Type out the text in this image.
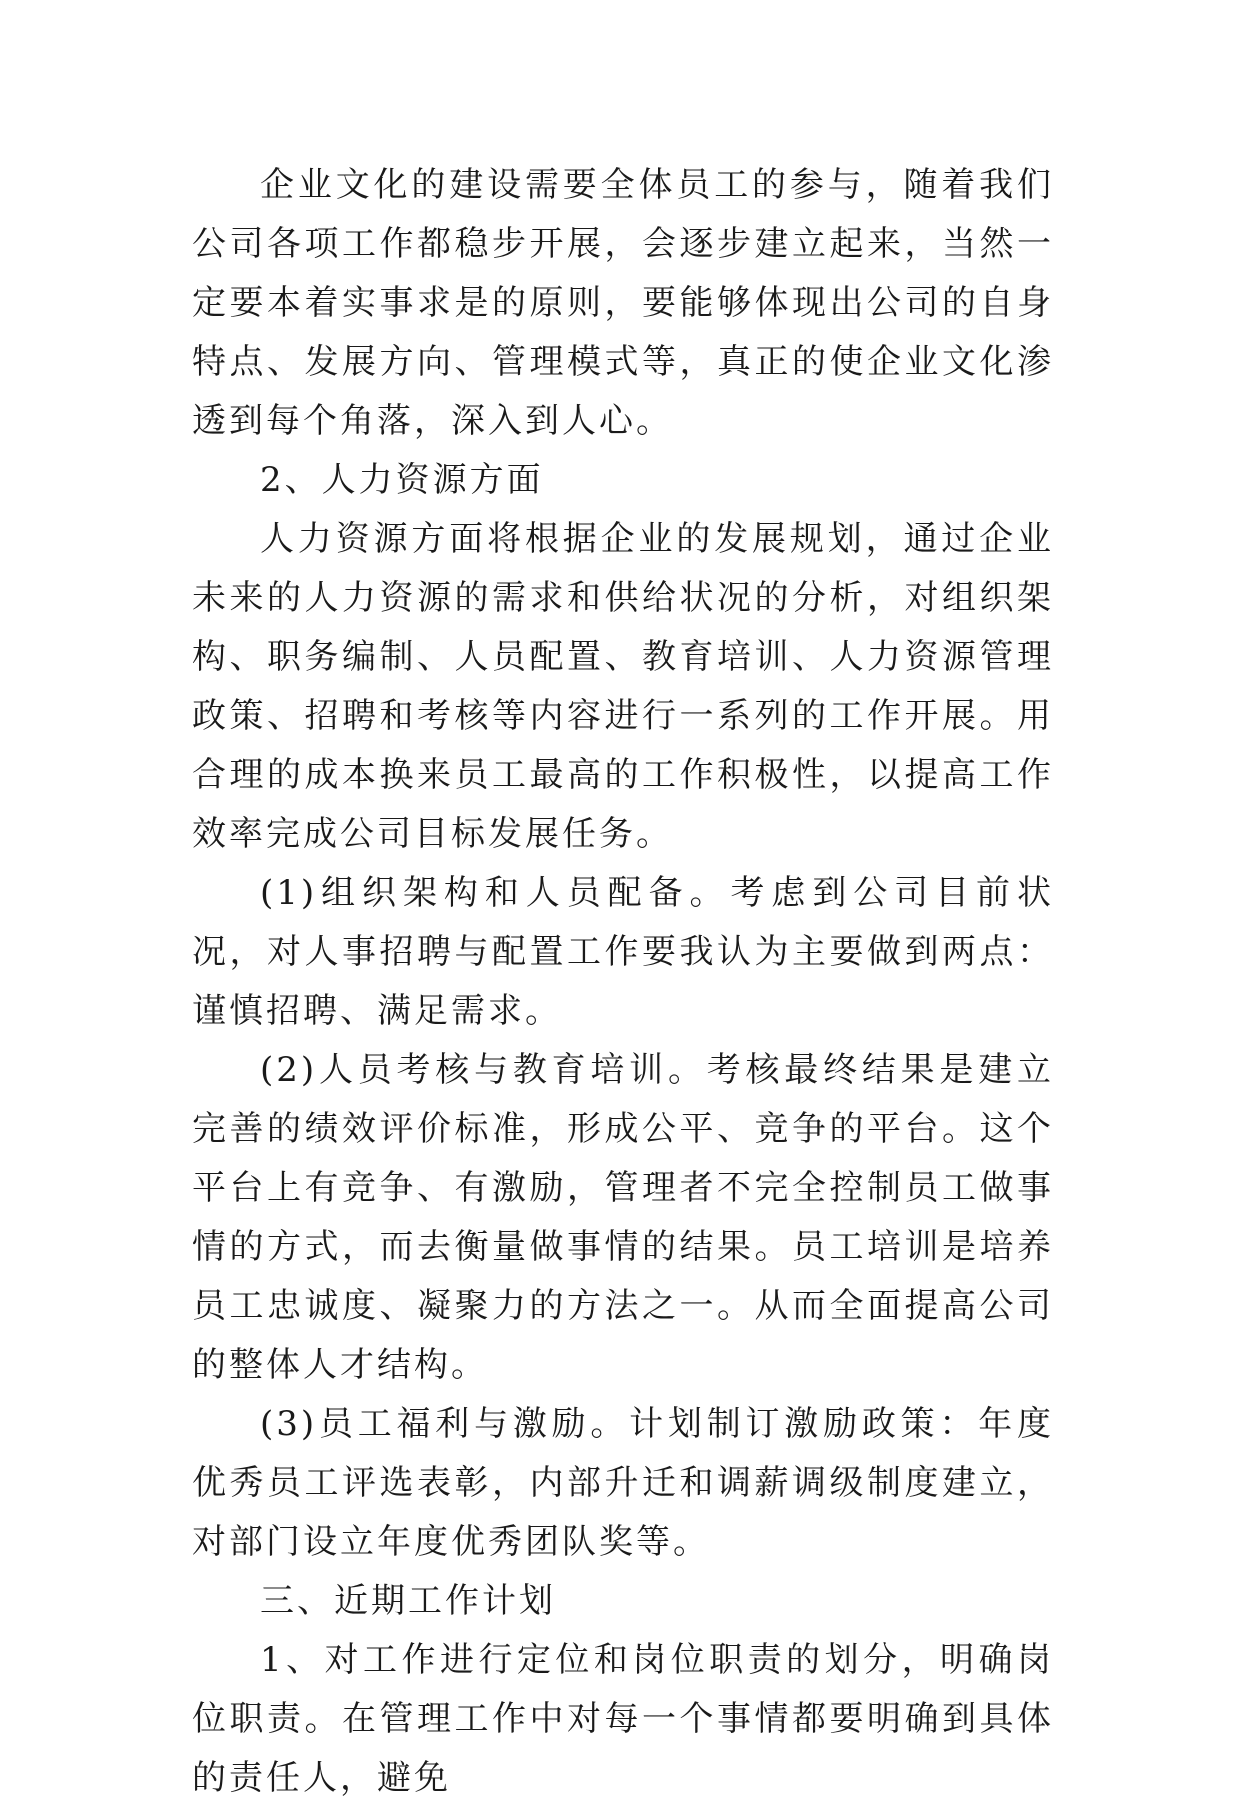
企业文化的建设需要全体员工的参与，随着我们公司各项工作都稳步开展，会逐步建立起来，当然一定要本着实事求是的原则，要能够体现出公司的自身特点、发展方向、管理模式等，真正的使企业文化渗透到每个角落，深入到人心。

2、人力资源方面

人力资源方面将根据企业的发展规划，通过企业未来的人力资源的需求和供给状况的分析，对组织架构、职务编制、人员配置、教育培训、人力资源管理政策、招聘和考核等内容进行一系列的工作开展。用合理的成本换来员工最高的工作积极性，以提高工作效率完成公司目标发展任务。

(1)组织架构和人员配备。考虑到公司目前状况，对人事招聘与配置工作要我认为主要做到两点：谨慎招聘、满足需求。

(2)人员考核与教育培训。考核最终结果是建立完善的绩效评价标准，形成公平、竞争的平台。这个平台上有竞争、有激励，管理者不完全控制员工做事情的方式，而去衡量做事情的结果。员工培训是培养员工忠诚度、凝聚力的方法之一。从而全面提高公司的整体人才结构。

(3)员工福利与激励。计划制订激励政策：年度优秀员工评选表彰，内部升迁和调薪调级制度建立，对部门设立年度优秀团队奖等。

三、近期工作计划

1、对工作进行定位和岗位职责的划分，明确岗位职责。在管理工作中对每一个事情都要明确到具体的责任人，避免
